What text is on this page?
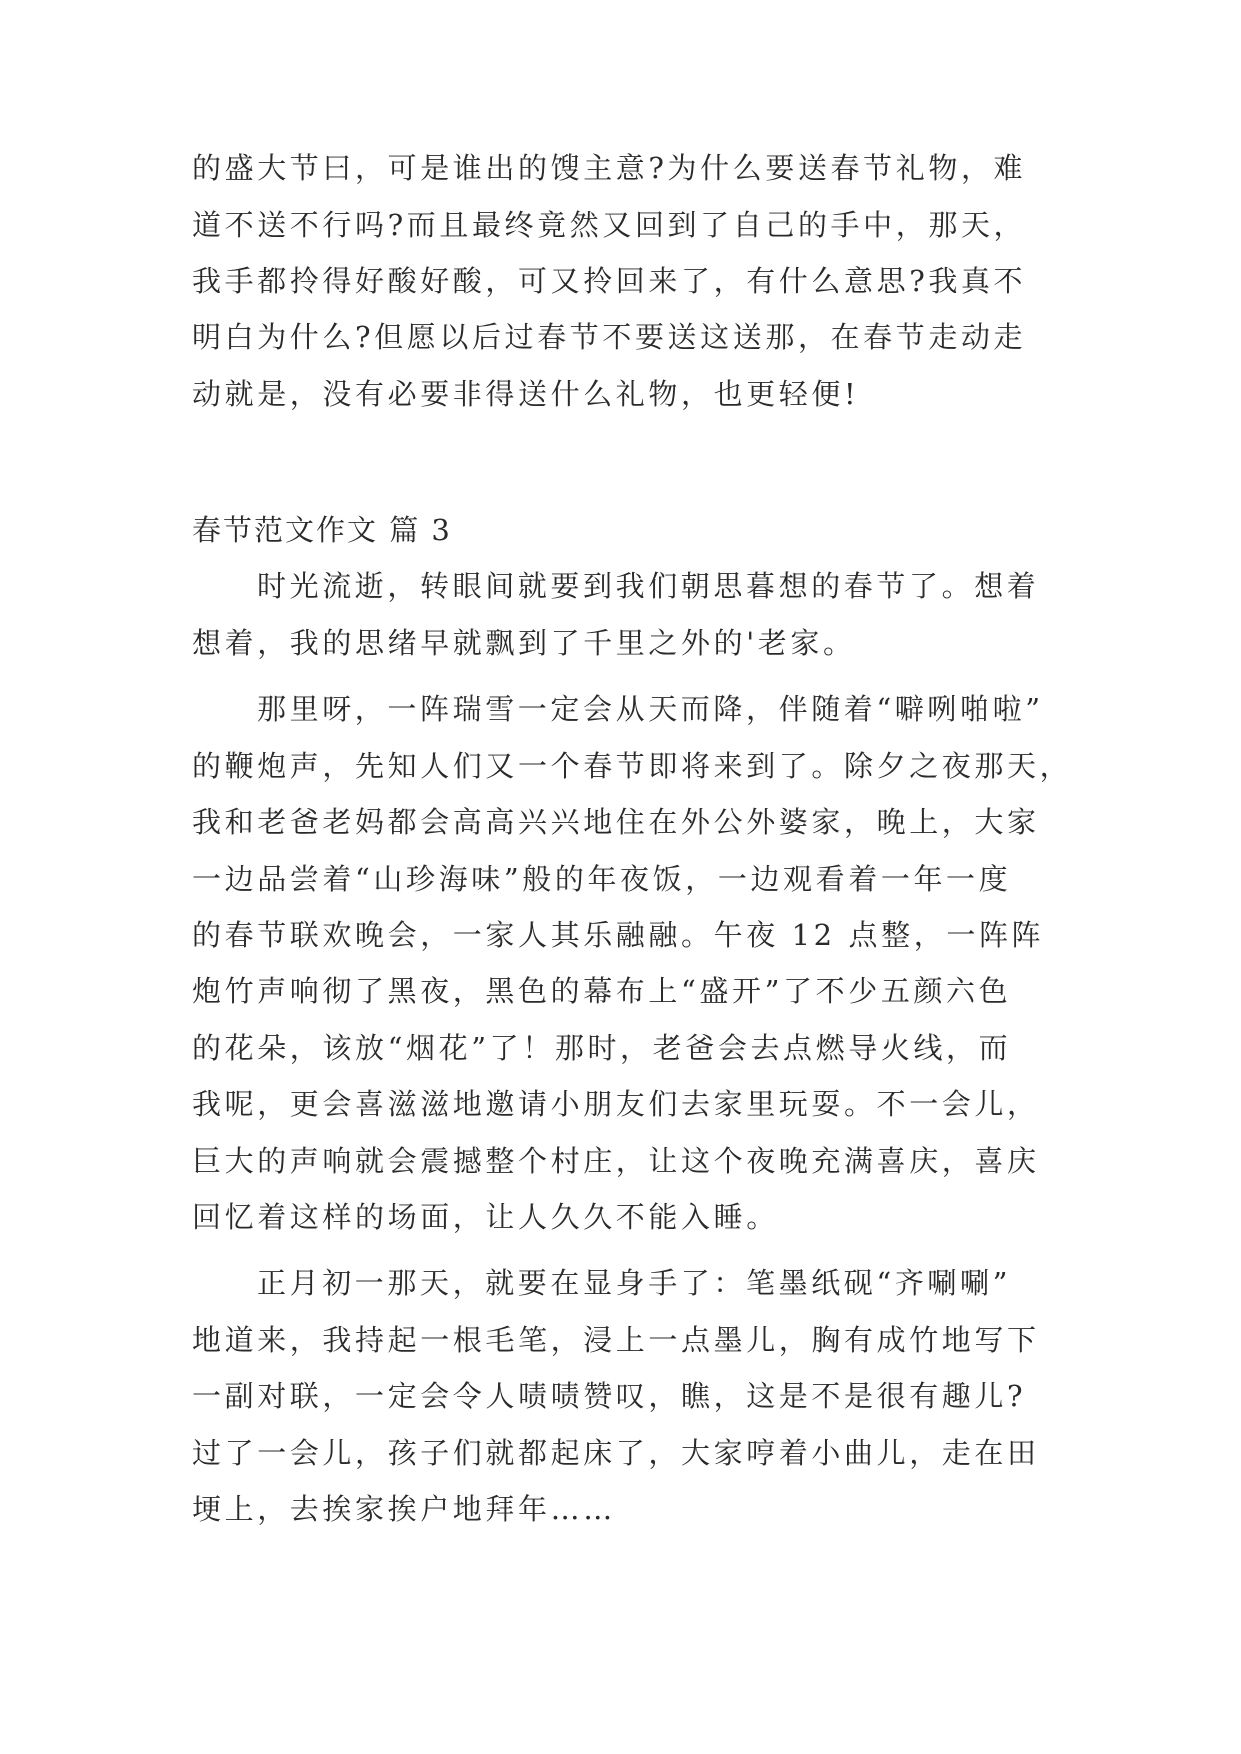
的盛大节曰，可是谁出的馊主意?为什么要送春节礼物，难
道不送不行吗?而且最终竟然又回到了自己的手中，那天，
我手都拎得好酸好酸，可又拎回来了，有什么意思?我真不
明白为什么?但愿以后过春节不要送这送那，在春节走动走
动就是，没有必要非得送什么礼物，也更轻便!
春节范文作文 篇 3
时光流逝，转眼间就要到我们朝思暮想的春节了。想着
想着，我的思绪早就飘到了千里之外的'老家。
那里呀，一阵瑞雪一定会从天而降，伴随着“噼咧啪啦”
的鞭炮声，先知人们又一个春节即将来到了。除夕之夜那天，
我和老爸老妈都会高高兴兴地住在外公外婆家，晚上，大家
一边品尝着“山珍海味”般的年夜饭，一边观看着一年一度
的春节联欢晚会，一家人其乐融融。午夜 12 点整，一阵阵
炮竹声响彻了黑夜，黑色的幕布上“盛开”了不少五颜六色
的花朵，该放“烟花”了！那时，老爸会去点燃导火线，而
我呢，更会喜滋滋地邀请小朋友们去家里玩耍。不一会儿，
巨大的声响就会震撼整个村庄，让这个夜晚充满喜庆，喜庆
回忆着这样的场面，让人久久不能入睡。
正月初一那天，就要在显身手了：笔墨纸砚“齐唰唰”
地道来，我持起一根毛笔，浸上一点墨儿，胸有成竹地写下
一副对联，一定会令人啧啧赞叹，瞧，这是不是很有趣儿?
过了一会儿，孩子们就都起床了，大家哼着小曲儿，走在田
埂上，去挨家挨户地拜年……
